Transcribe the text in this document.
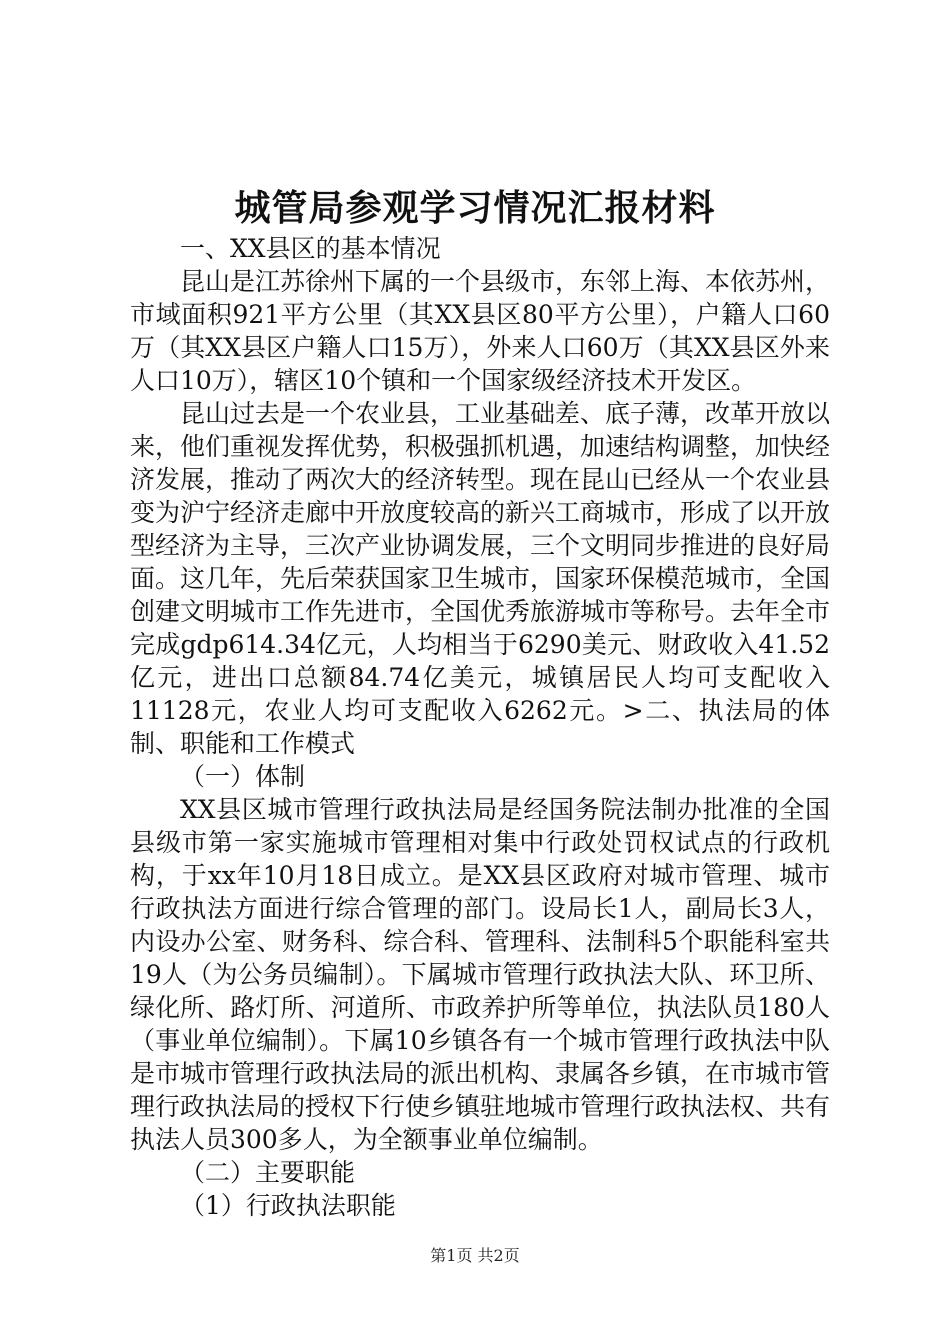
城管局参观学习情况汇报材料

一、XX县区的基本情况

昆山是江苏徐州下属的一个县级市，东邻上海、本依苏州，市域面积921平方公里（其XX县区80平方公里），户籍人口60万（其XX县区户籍人口15万），外来人口60万（其XX县区外来人口10万），辖区10个镇和一个国家级经济技术开发区。

昆山过去是一个农业县，工业基础差、底子薄，改革开放以来，他们重视发挥优势，积极强抓机遇，加速结构调整，加快经济发展，推动了两次大的经济转型。现在昆山已经从一个农业县变为沪宁经济走廊中开放度较高的新兴工商城市，形成了以开放型经济为主导，三次产业协调发展，三个文明同步推进的良好局面。这几年，先后荣获国家卫生城市，国家环保模范城市，全国创建文明城市工作先进市，全国优秀旅游城市等称号。去年全市完成gdp614.34亿元，人均相当于6290美元、财政收入41.52亿元，进出口总额84.74亿美元，城镇居民人均可支配收入11128元，农业人均可支配收入6262元。>二、执法局的体制、职能和工作模式

（一）体制

XX县区城市管理行政执法局是经国务院法制办批准的全国县级市第一家实施城市管理相对集中行政处罚权试点的行政机构，于xx年10月18日成立。是XX县区政府对城市管理、城市行政执法方面进行综合管理的部门。设局长1人，副局长3人，内设办公室、财务科、综合科、管理科、法制科5个职能科室共19人（为公务员编制）。下属城市管理行政执法大队、环卫所、绿化所、路灯所、河道所、市政养护所等单位，执法队员180人（事业单位编制）。下属10乡镇各有一个城市管理行政执法中队是市城市管理行政执法局的派出机构、隶属各乡镇，在市城市管理行政执法局的授权下行使乡镇驻地城市管理行政执法权、共有执法人员300多人，为全额事业单位编制。

（二）主要职能

（1）行政执法职能

第1页 共2页
